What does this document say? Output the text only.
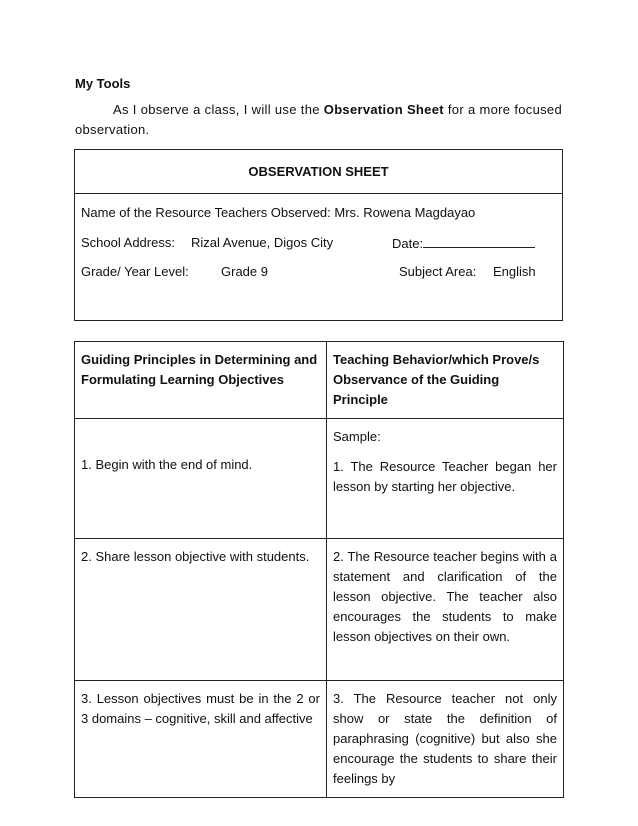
My Tools
As I observe a class, I will use the Observation Sheet for a more focused observation.
OBSERVATION SHEET
Name of the Resource Teachers Observed: Mrs. Rowena Magdayao
School Address: Rizal Avenue, Digos City	Date:
Grade/ Year Level: Grade 9	Subject Area: English
Guiding Principles in Determining and Formulating Learning Objectives	Teaching Behavior/which Prove/s Observance of the Guiding Principle

1. Begin with the end of mind.	Sample:
1. The Resource Teacher began her lesson by starting her objective.
2. Share lesson objective with students.	2. The Resource teacher begins with a statement and clarification of the lesson objective. The teacher also encourages the students to make lesson objectives on their own.
3. Lesson objectives must be in the 2 or 3 domains – cognitive, skill and affective	3. The Resource teacher not only show or state the definition of paraphrasing (cognitive) but also she encourage the students to share their feelings by
